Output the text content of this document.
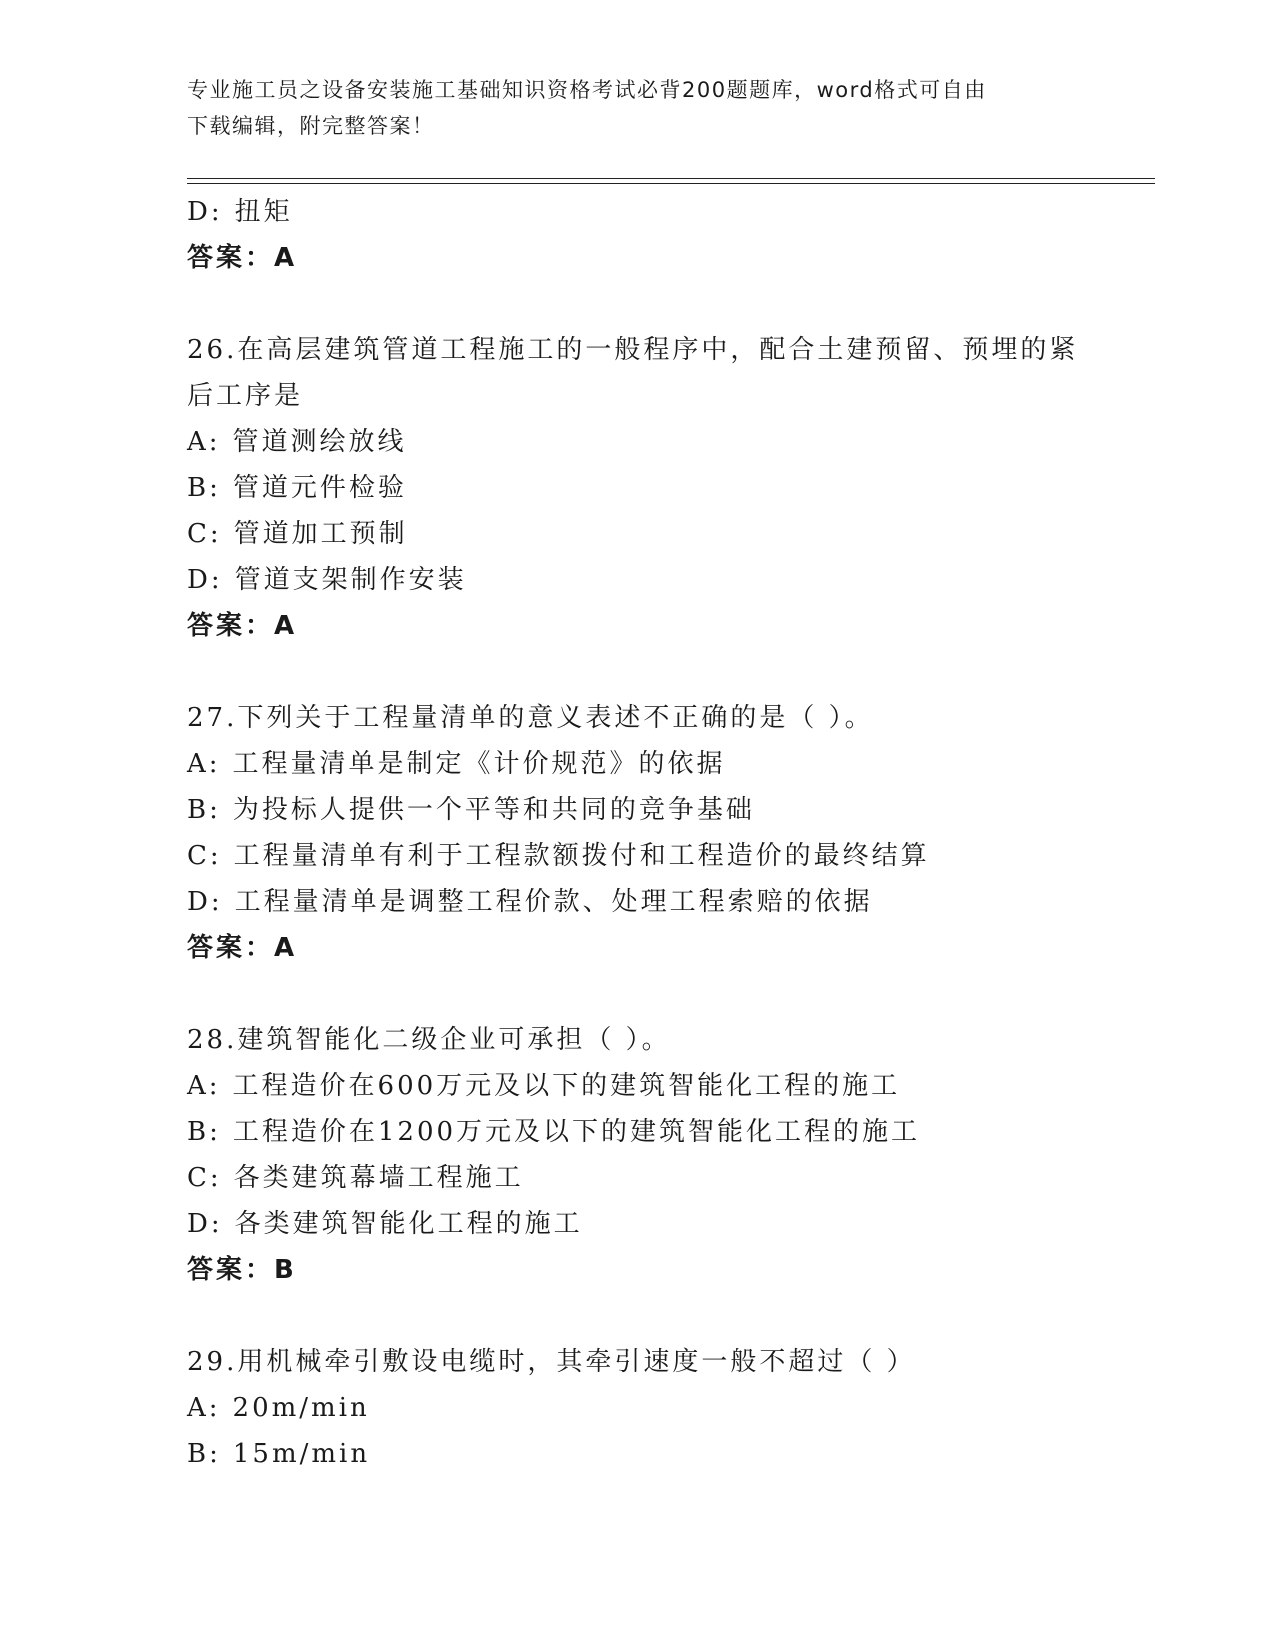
专业施工员之设备安装施工基础知识资格考试必背200题题库，word格式可自由
下载编辑，附完整答案！
D: 扭矩
答案：A
26.在高层建筑管道工程施工的一般程序中，配合土建预留、预埋的紧
后工序是
A: 管道测绘放线
B: 管道元件检验
C: 管道加工预制
D: 管道支架制作安装
答案：A
27.下列关于工程量清单的意义表述不正确的是（ ）。
A: 工程量清单是制定《计价规范》的依据
B: 为投标人提供一个平等和共同的竞争基础
C: 工程量清单有利于工程款额拨付和工程造价的最终结算
D: 工程量清单是调整工程价款、处理工程索赔的依据
答案：A
28.建筑智能化二级企业可承担（ ）。
A: 工程造价在600万元及以下的建筑智能化工程的施工
B: 工程造价在1200万元及以下的建筑智能化工程的施工
C: 各类建筑幕墙工程施工
D: 各类建筑智能化工程的施工
答案：B
29.用机械牵引敷设电缆时，其牵引速度一般不超过（ ）
A: 20m/min
B: 15m/min
